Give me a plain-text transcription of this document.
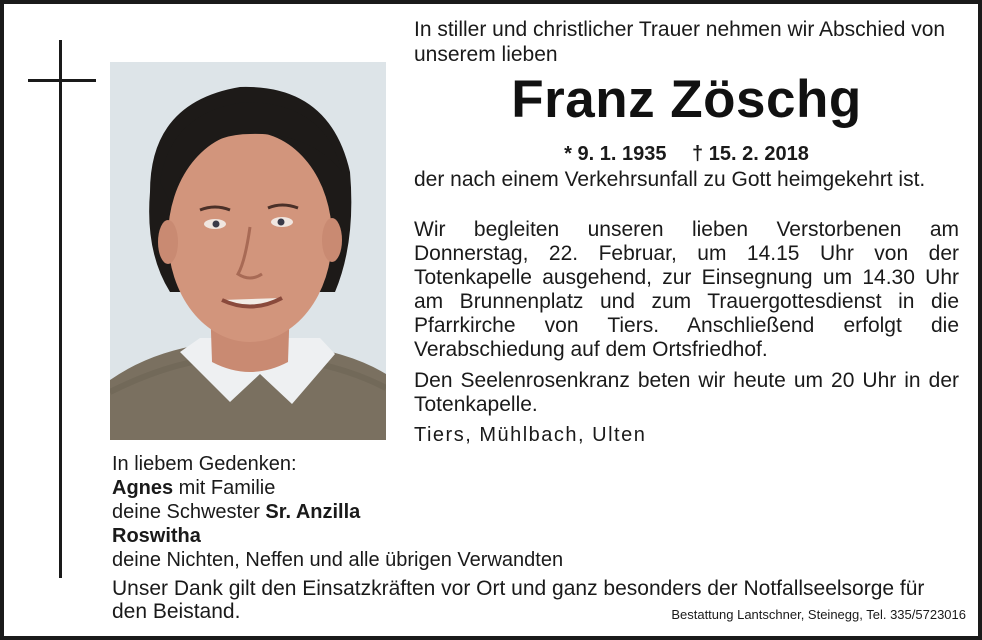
In stiller und christlicher Trauer nehmen wir Abschied von unserem lieben
Franz Zöschg
* 9. 1. 1935 † 15. 2. 2018
der nach einem Verkehrsunfall zu Gott heimgekehrt ist.
Wir begleiten unseren lieben Verstorbenen am Donnerstag, 22. Februar, um 14.15 Uhr von der Totenkapelle ausgehend, zur Einsegnung um 14.30 Uhr am Brunnenplatz und zum Trauergottesdienst in die Pfarrkirche von Tiers. Anschließend erfolgt die Verabschiedung auf dem Ortsfriedhof.
Den Seelenrosenkranz beten wir heute um 20 Uhr in der Totenkapelle.
Tiers, Mühlbach, Ulten
In liebem Gedenken:
Agnes mit Familie
deine Schwester Sr. Anzilla
Roswitha
deine Nichten, Neffen und alle übrigen Verwandten
Unser Dank gilt den Einsatzkräften vor Ort und ganz besonders der Notfallseelsorge für den Beistand.	Bestattung Lantschner, Steinegg, Tel. 335/5723016
